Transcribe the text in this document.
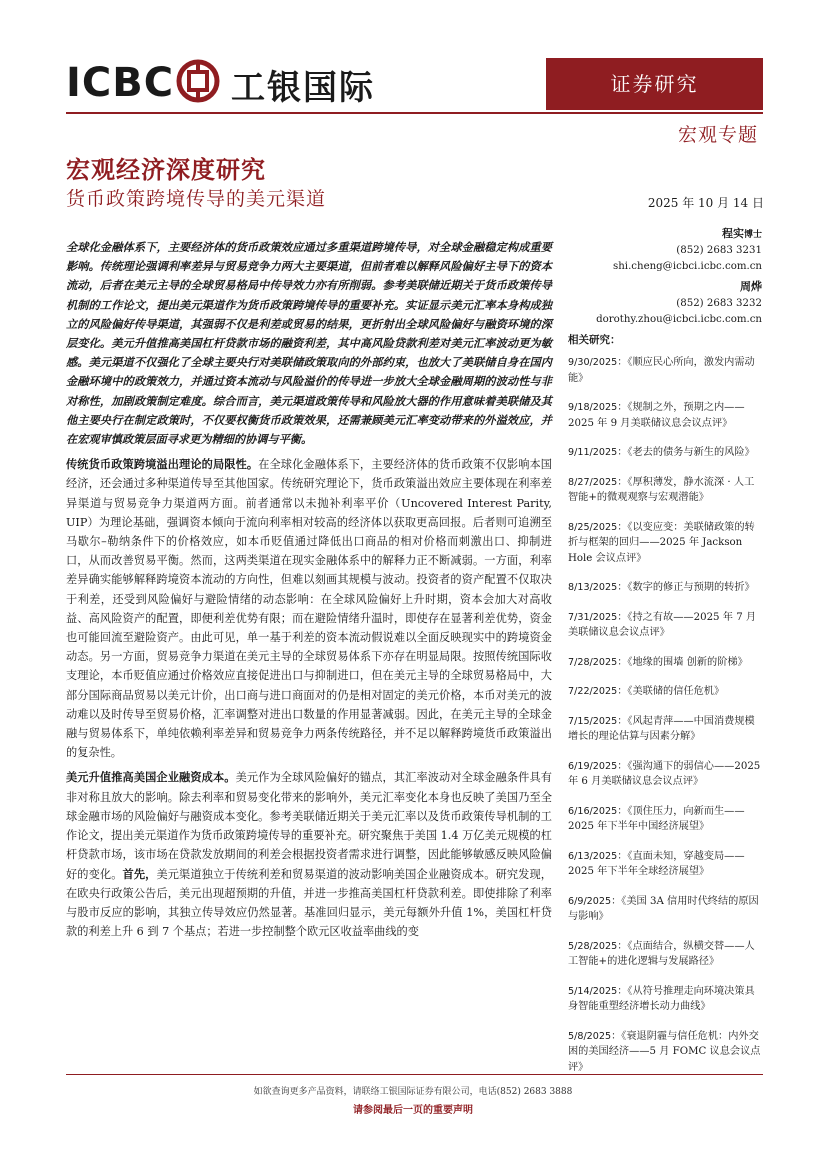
ICBC 工银国际	证券研究
宏观专题
宏观经济深度研究
货币政策跨境传导的美元渠道	2025 年 10 月 14 日

全球化金融体系下，主要经济体的货币政策效应通过多重渠道跨境传导，对全球金融稳定构成重要影响。传统理论强调利率差异与贸易竞争力两大主要渠道，但前者难以解释风险偏好主导下的资本流动，后者在美元主导的全球贸易格局中传导效力亦有所削弱。参考美联储近期关于货币政策传导机制的工作论文，提出美元渠道作为货币政策跨境传导的重要补充。实证显示美元汇率本身构成独立的风险偏好传导渠道，其强弱不仅是利差或贸易的结果，更折射出全球风险偏好与融资环境的深层变化。美元升值推高美国杠杆贷款市场的融资利差，其中高风险贷款利差对美元汇率波动更为敏感。美元渠道不仅强化了全球主要央行对美联储政策取向的外部约束，也放大了美联储自身在国内金融环境中的政策效力，并通过资本流动与风险溢价的传导进一步放大全球金融周期的波动性与非对称性，加剧政策制定难度。综合而言，美元渠道政策传导和风险放大器的作用意味着美联储及其他主要央行在制定政策时，不仅要权衡货币政策效果，还需兼顾美元汇率变动带来的外溢效应，并在宏观审慎政策层面寻求更为精细的协调与平衡。

传统货币政策跨境溢出理论的局限性。在全球化金融体系下，主要经济体的货币政策不仅影响本国经济，还会通过多种渠道传导至其他国家。传统研究理论下，货币政策溢出效应主要体现在利率差异渠道与贸易竞争力渠道两方面。前者通常以未抛补利率平价（Uncovered Interest Parity, UIP）为理论基础，强调资本倾向于流向利率相对较高的经济体以获取更高回报。后者则可追溯至马歇尔–勒纳条件下的价格效应，如本币贬值通过降低出口商品的相对价格而刺激出口、抑制进口，从而改善贸易平衡。然而，这两类渠道在现实金融体系中的解释力正不断减弱。一方面，利率差异确实能够解释跨境资本流动的方向性，但难以刻画其规模与波动。投资者的资产配置不仅取决于利差，还受到风险偏好与避险情绪的动态影响：在全球风险偏好上升时期，资本会加大对高收益、高风险资产的配置，即便利差优势有限；而在避险情绪升温时，即使存在显著利差优势，资金也可能回流至避险资产。由此可见，单一基于利差的资本流动假说难以全面反映现实中的跨境资金动态。另一方面，贸易竞争力渠道在美元主导的全球贸易体系下亦存在明显局限。按照传统国际收支理论，本币贬值应通过价格效应直接促进出口与抑制进口，但在美元主导的全球贸易格局中，大部分国际商品贸易以美元计价，出口商与进口商面对的仍是相对固定的美元价格，本币对美元的波动难以及时传导至贸易价格，汇率调整对进出口数量的作用显著减弱。因此，在美元主导的全球金融与贸易体系下，单纯依赖利率差异和贸易竞争力两条传统路径，并不足以解释跨境货币政策溢出的复杂性。

美元升值推高美国企业融资成本。美元作为全球风险偏好的锚点，其汇率波动对全球金融条件具有非对称且放大的影响。除去利率和贸易变化带来的影响外，美元汇率变化本身也反映了美国乃至全球金融市场的风险偏好与融资成本变化。参考美联储近期关于美元汇率以及货币政策传导机制的工作论文，提出美元渠道作为货币政策跨境传导的重要补充。研究聚焦于美国 1.4 万亿美元规模的杠杆贷款市场，该市场在贷款发放期间的利差会根据投资者需求进行调整，因此能够敏感反映风险偏好的变化。首先，美元渠道独立于传统利差和贸易渠道的波动影响美国企业融资成本。研究发现，在欧央行政策公告后，美元出现超预期的升值，并进一步推高美国杠杆贷款利差。即使排除了利率与股市反应的影响，其独立传导效应仍然显著。基准回归显示，美元每额外升值 1%，美国杠杆贷款的利差上升 6 到 7 个基点；若进一步控制整个欧元区收益率曲线的变

程实博士
(852) 2683 3231
shi.cheng@icbci.icbc.com.cn
周烨
(852) 2683 3232
dorothy.zhou@icbci.icbc.com.cn
相关研究：
9/30/2025：《顺应民心所向，激发内需动能》
9/18/2025：《规制之外，预期之内——2025 年 9 月美联储议息会议点评》
9/11/2025：《老去的债务与新生的风险》
8/27/2025：《厚积薄发，静水流深 · 人工智能+的微观观察与宏观潜能》
8/25/2025：《以变应变：美联储政策的转折与框架的回归——2025 年 Jackson Hole 会议点评》
8/13/2025：《数字的修正与预期的转折》
7/31/2025：《持之有故——2025 年 7 月美联储议息会议点评》
7/28/2025：《地缘的围墙 创新的阶梯》
7/22/2025：《美联储的信任危机》
7/15/2025：《风起青萍——中国消费规模增长的理论估算与因素分解》
6/19/2025：《强沟通下的弱信心——2025 年 6 月美联储议息会议点评》
6/16/2025：《顶住压力，向新而生——2025 年下半年中国经济展望》
6/13/2025：《直面未知，穿越变局——2025 年下半年全球经济展望》
6/9/2025：《美国 3A 信用时代终结的原因与影响》
5/28/2025：《点面结合，纵横交替——人工智能+的进化逻辑与发展路径》
5/14/2025：《从符号推理走向环境决策具身智能重塑经济增长动力曲线》
5/8/2025：《衰退阴霾与信任危机：内外交困的美国经济——5 月 FOMC 议息会议点评》
如欲查询更多产品资料，请联络工银国际证券有限公司，电话(852) 2683 3888
请参阅最后一页的重要声明
